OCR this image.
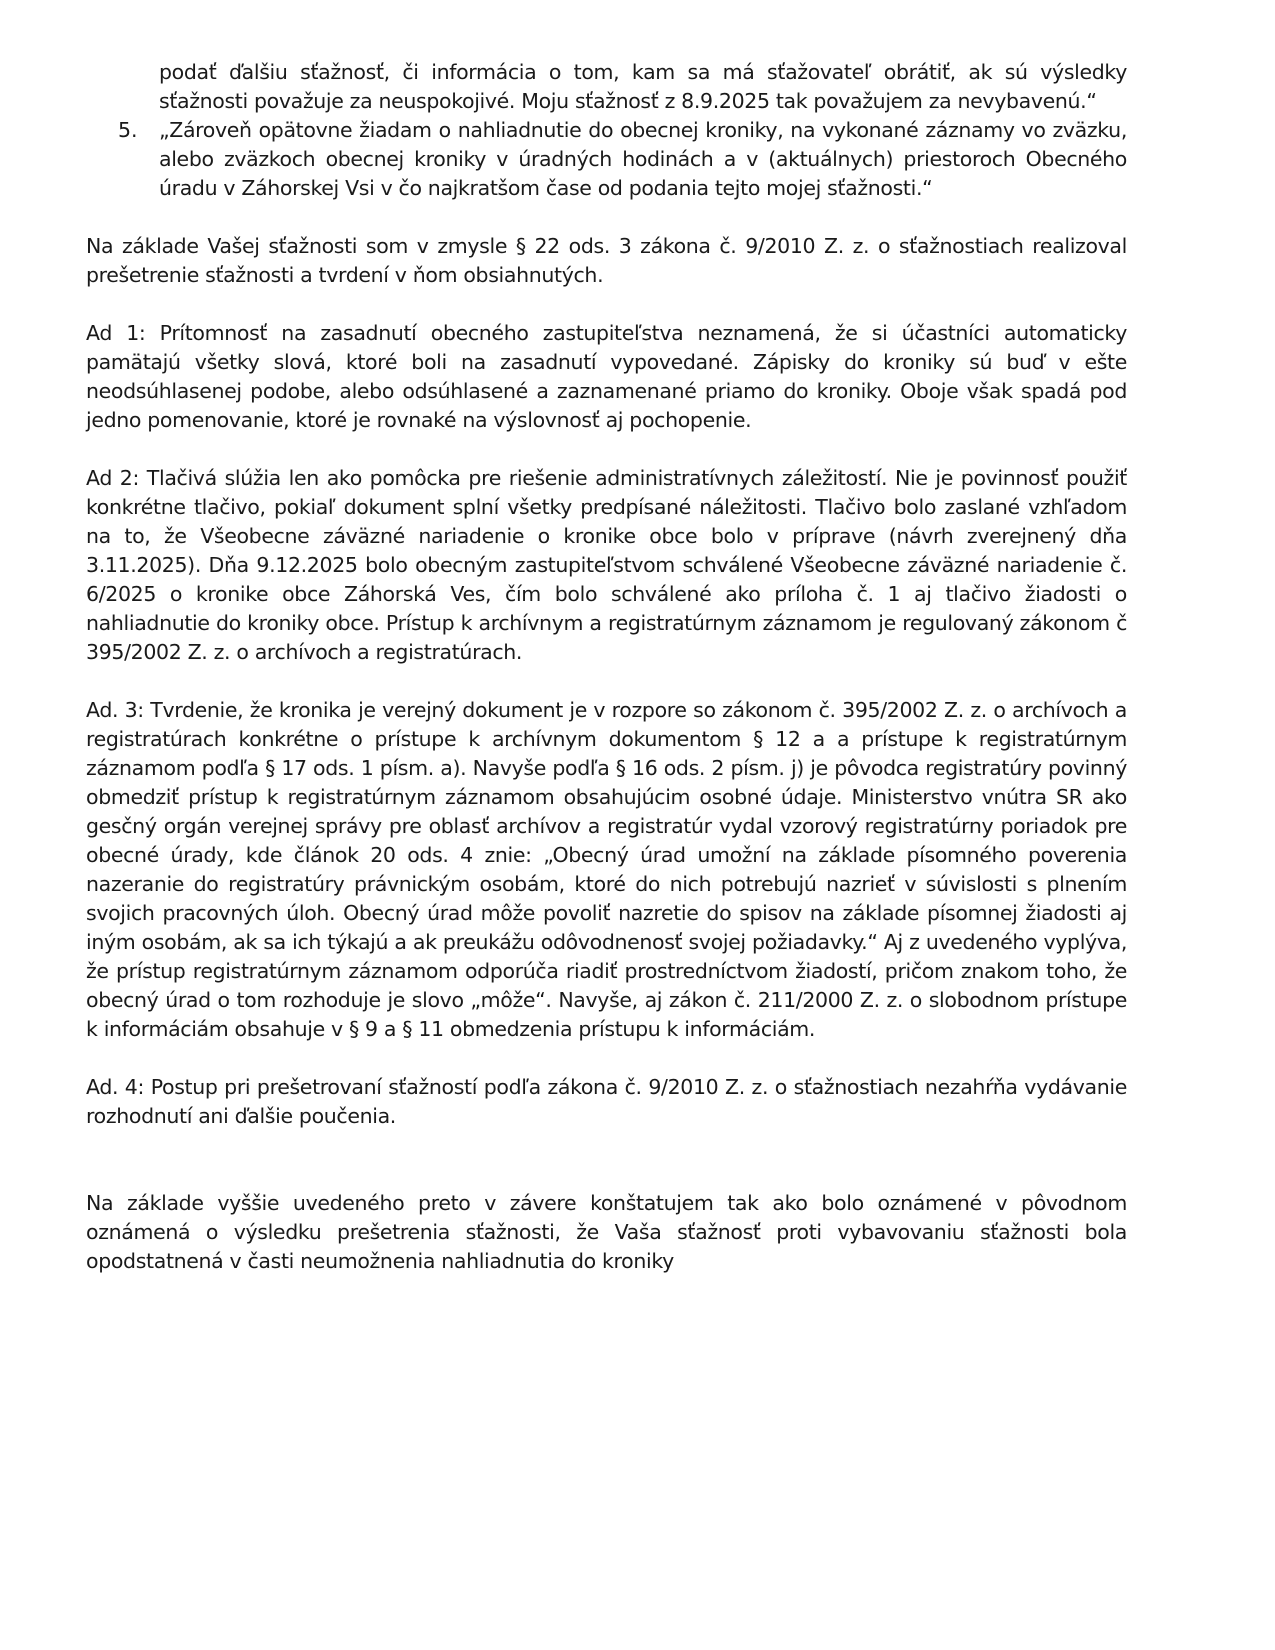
podať ďalšiu sťažnosť, či informácia o tom, kam sa má sťažovateľ obrátiť, ak sú výsledky sťažnosti považuje za neuspokojivé. Moju sťažnosť z 8.9.2025 tak považujem za nevybavenú.“

5. „Zároveň opätovne žiadam o nahliadnutie do obecnej kroniky, na vykonané záznamy vo zväzku, alebo zväzkoch obecnej kroniky v úradných hodinách a v (aktuálnych) priestoroch Obecného úradu v Záhorskej Vsi v čo najkratšom čase od podania tejto mojej sťažnosti.“

Na základe Vašej sťažnosti som v zmysle § 22 ods. 3 zákona č. 9/2010 Z. z. o sťažnostiach realizoval prešetrenie sťažnosti a tvrdení v ňom obsiahnutých.

Ad 1: Prítomnosť na zasadnutí obecného zastupiteľstva neznamená, že si účastníci automaticky pamätajú všetky slová, ktoré boli na zasadnutí vypovedané. Zápisky do kroniky sú buď v ešte neodsúhlasenej podobe, alebo odsúhlasené a zaznamenané priamo do kroniky. Oboje však spadá pod jedno pomenovanie, ktoré je rovnaké na výslovnosť aj pochopenie.

Ad 2: Tlačivá slúžia len ako pomôcka pre riešenie administratívnych záležitostí. Nie je povinnosť použiť konkrétne tlačivo, pokiaľ dokument splní všetky predpísané náležitosti. Tlačivo bolo zaslané vzhľadom na to, že Všeobecne záväzné nariadenie o kronike obce bolo v príprave (návrh zverejnený dňa 3.11.2025). Dňa 9.12.2025 bolo obecným zastupiteľstvom schválené Všeobecne záväzné nariadenie č. 6/2025 o kronike obce Záhorská Ves, čím bolo schválené ako príloha č. 1 aj tlačivo žiadosti o nahliadnutie do kroniky obce. Prístup k archívnym a registratúrnym záznamom je regulovaný zákonom č 395/2002 Z. z. o archívoch a registratúrach.

Ad. 3: Tvrdenie, že kronika je verejný dokument je v rozpore so zákonom č. 395/2002 Z. z. o archívoch a registratúrach konkrétne o prístupe k archívnym dokumentom § 12 a a prístupe k registratúrnym záznamom podľa § 17 ods. 1 písm. a). Navyše podľa § 16 ods. 2 písm. j) je pôvodca registratúry povinný obmedziť prístup k registratúrnym záznamom obsahujúcim osobné údaje. Ministerstvo vnútra SR ako gesčný orgán verejnej správy pre oblasť archívov a registratúr vydal vzorový registratúrny poriadok pre obecné úrady, kde článok 20 ods. 4 znie: „Obecný úrad umožní na základe písomného poverenia nazeranie do registratúry právnickým osobám, ktoré do nich potrebujú nazrieť v súvislosti s plnením svojich pracovných úloh. Obecný úrad môže povoliť nazretie do spisov na základe písomnej žiadosti aj iným osobám, ak sa ich týkajú a ak preukážu odôvodnenosť svojej požiadavky.“ Aj z uvedeného vyplýva, že prístup registratúrnym záznamom odporúča riadiť prostredníctvom žiadostí, pričom znakom toho, že obecný úrad o tom rozhoduje je slovo „môže“. Navyše, aj zákon č. 211/2000 Z. z. o slobodnom prístupe k informáciám obsahuje v § 9 a § 11 obmedzenia prístupu k informáciám.

Ad. 4: Postup pri prešetrovaní sťažností podľa zákona č. 9/2010 Z. z. o sťažnostiach nezahŕňa vydávanie rozhodnutí ani ďalšie poučenia.

Na základe vyššie uvedeného preto v závere konštatujem tak ako bolo oznámené v pôvodnom oznámená o výsledku prešetrenia sťažnosti, že Vaša sťažnosť proti vybavovaniu sťažnosti bola opodstatnená v časti neumožnenia nahliadnutia do kroniky
